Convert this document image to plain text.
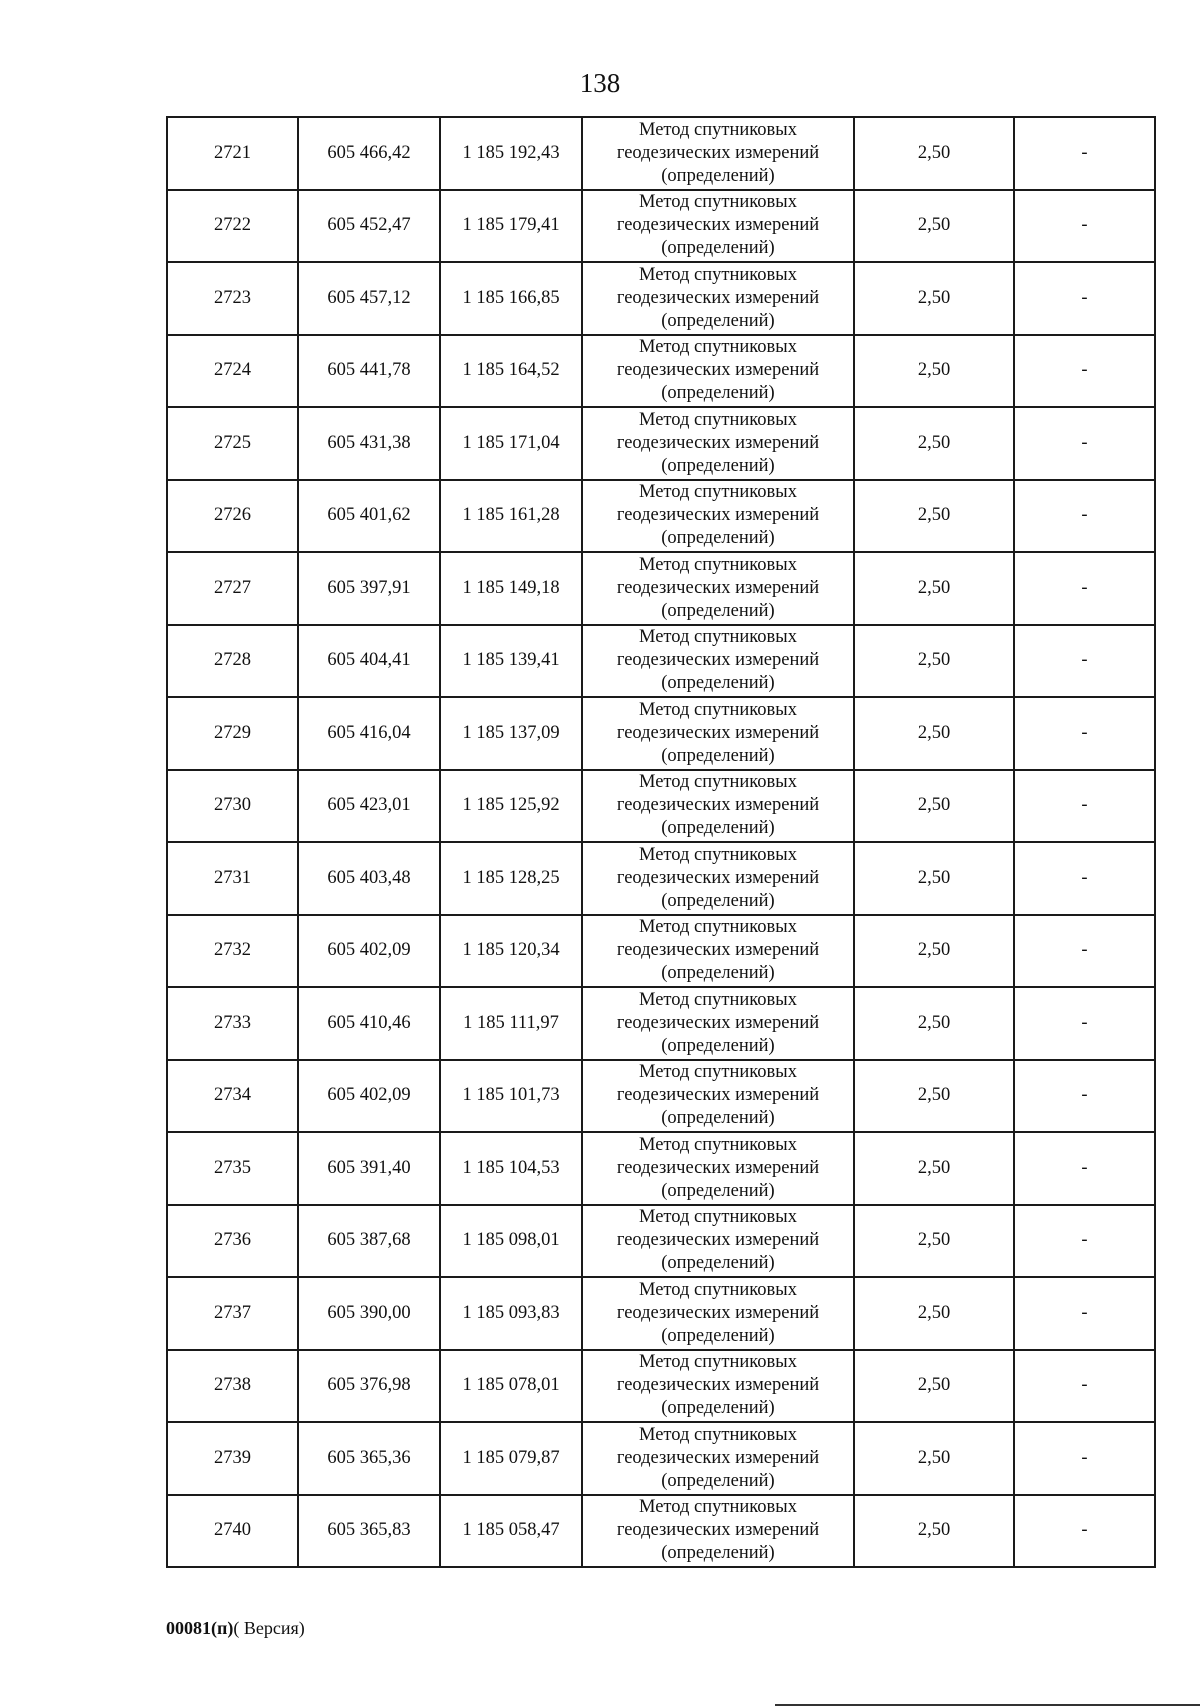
138
2721	605 466,42	1 185 192,43	Метод спутниковых
геодезических измерений
(определений)	2,50	-
2722	605 452,47	1 185 179,41	Метод спутниковых
геодезических измерений
(определений)	2,50	-
2723	605 457,12	1 185 166,85	Метод спутниковых
геодезических измерений
(определений)	2,50	-
2724	605 441,78	1 185 164,52	Метод спутниковых
геодезических измерений
(определений)	2,50	-
2725	605 431,38	1 185 171,04	Метод спутниковых
геодезических измерений
(определений)	2,50	-
2726	605 401,62	1 185 161,28	Метод спутниковых
геодезических измерений
(определений)	2,50	-
2727	605 397,91	1 185 149,18	Метод спутниковых
геодезических измерений
(определений)	2,50	-
2728	605 404,41	1 185 139,41	Метод спутниковых
геодезических измерений
(определений)	2,50	-
2729	605 416,04	1 185 137,09	Метод спутниковых
геодезических измерений
(определений)	2,50	-
2730	605 423,01	1 185 125,92	Метод спутниковых
геодезических измерений
(определений)	2,50	-
2731	605 403,48	1 185 128,25	Метод спутниковых
геодезических измерений
(определений)	2,50	-
2732	605 402,09	1 185 120,34	Метод спутниковых
геодезических измерений
(определений)	2,50	-
2733	605 410,46	1 185 111,97	Метод спутниковых
геодезических измерений
(определений)	2,50	-
2734	605 402,09	1 185 101,73	Метод спутниковых
геодезических измерений
(определений)	2,50	-
2735	605 391,40	1 185 104,53	Метод спутниковых
геодезических измерений
(определений)	2,50	-
2736	605 387,68	1 185 098,01	Метод спутниковых
геодезических измерений
(определений)	2,50	-
2737	605 390,00	1 185 093,83	Метод спутниковых
геодезических измерений
(определений)	2,50	-
2738	605 376,98	1 185 078,01	Метод спутниковых
геодезических измерений
(определений)	2,50	-
2739	605 365,36	1 185 079,87	Метод спутниковых
геодезических измерений
(определений)	2,50	-
2740	605 365,83	1 185 058,47	Метод спутниковых
геодезических измерений
(определений)	2,50	-
00081(п)( Версия)
